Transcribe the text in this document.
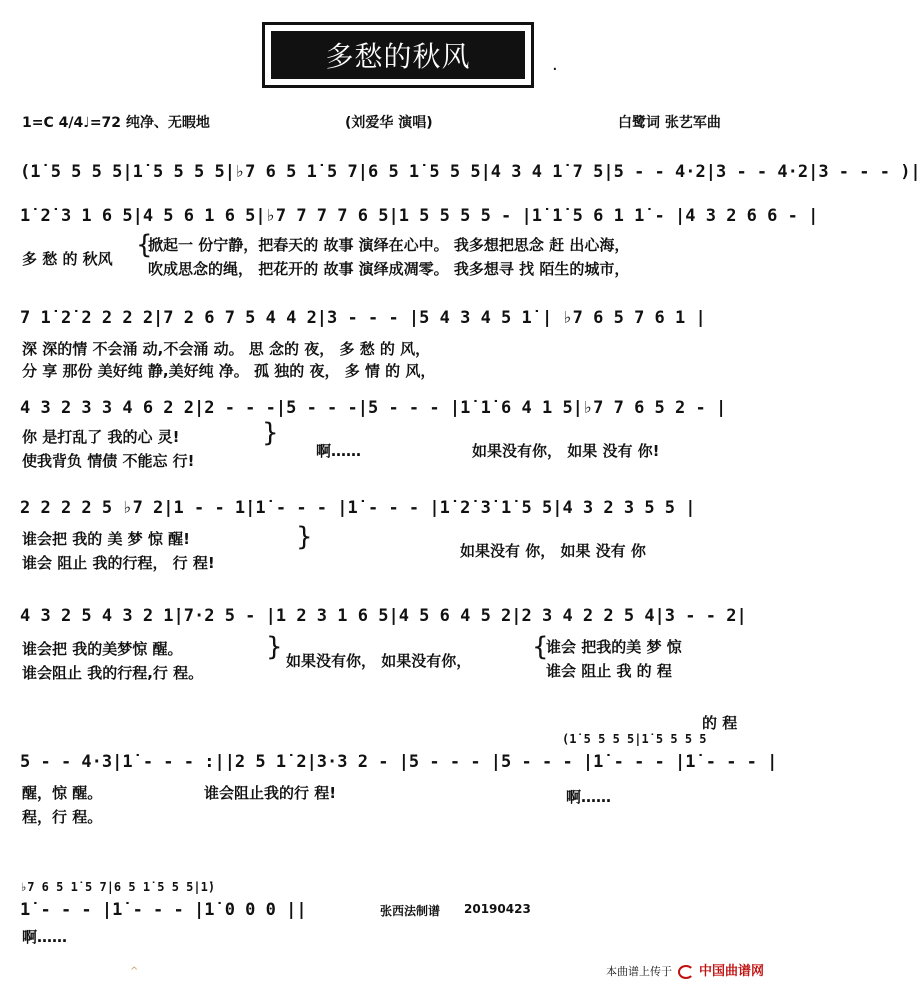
多愁的秋风	.
1=C 4/4♩=72 纯净、无暇地	(刘爱华 演唱)	白鹭词 张艺军曲
(1̇ 5 5 5 5|1̇ 5 5 5 5|♭7 6 5 1̇ 5 7|6 5 1̇ 5 5 5|4 3 4 1̇ 7 5|5 - - 4·2|3 - - 4·2|3 - - - )|
1̇ 2̇ 3 1 6 5|4 5 6 1 6 5|♭7 7 7 7 6 5|1 5 5 5 5 - |1̇ 1̇ 5 6 1 1̇ - |4 3 2 6 6 - |
多 愁 的 秋风 {
掀起一 份宁静，把春天的 故事 演绎在心中。 我多想把思念 赶 出心海，
吹成思念的绳， 把花开的 故事 演绎成凋零。 我多想寻 找 陌生的城市，
7 1̇ 2̇ 2 2 2 2|7 2 6 7 5 4 4 2|3 - - - |5 4 3 4 5 1̇ | ♭7 6 5 7 6 1 |
深 深的情 不会涌 动,不会涌 动。 思 念的 夜， 多 愁 的 风，
分 享 那份 美好纯 静,美好纯 净。 孤 独的 夜， 多 情 的 风，
4 3 2 3 3 4 6 2 2|2 - - -|5 - - -|5 - - - |1̇ 1̇ 6 4 1 5|♭7 7 6 5 2 - |
你 是打乱了 我的心 灵!
使我背负 情债 不能忘 行!
}
啊……	如果没有你， 如果 没有 你!
2 2 2 2 5 ♭7 2|1 - - 1̇|1̇ - - - |1̇ - - - |1̇ 2̇ 3̇ 1̇ 5 5|4 3 2 3 5 5 |
谁会把 我的 美 梦 惊 醒!
谁会 阻止 我的行程， 行 程!
}	如果没有 你， 如果 没有 你
4 3 2 5 4 3 2 1̇|7·2 5 - |1 2 3 1 6 5|4 5 6 4 5 2|2 3 4 2 2 5 4|3 - - 2|
谁会把 我的美梦惊 醒。
谁会阻止 我的行程,行 程。
} 如果没有你， 如果没有你， {
谁会 把我的美 梦 惊
谁会 阻止 我 的 程
的 程
(1̇ 5 5 5 5|1̇ 5 5 5 5
5 - - 4·3|1̇ - - - :||2 5 1̇ 2|3·3 2 - |5 - - - |5 - - - |1̇ - - - |1̇ - - - |
醒，惊 醒。
程，行 程。
谁会阻止我的行 程!	啊……
♭7 6 5 1̇ 5 7|6 5 1̇ 5 5 5|1̇)
1̇ - - - |1̇ - - - |1̇ 0 0 0 ||
啊……
张西法制谱 20190423
^	本曲谱上传于 中国曲谱网
